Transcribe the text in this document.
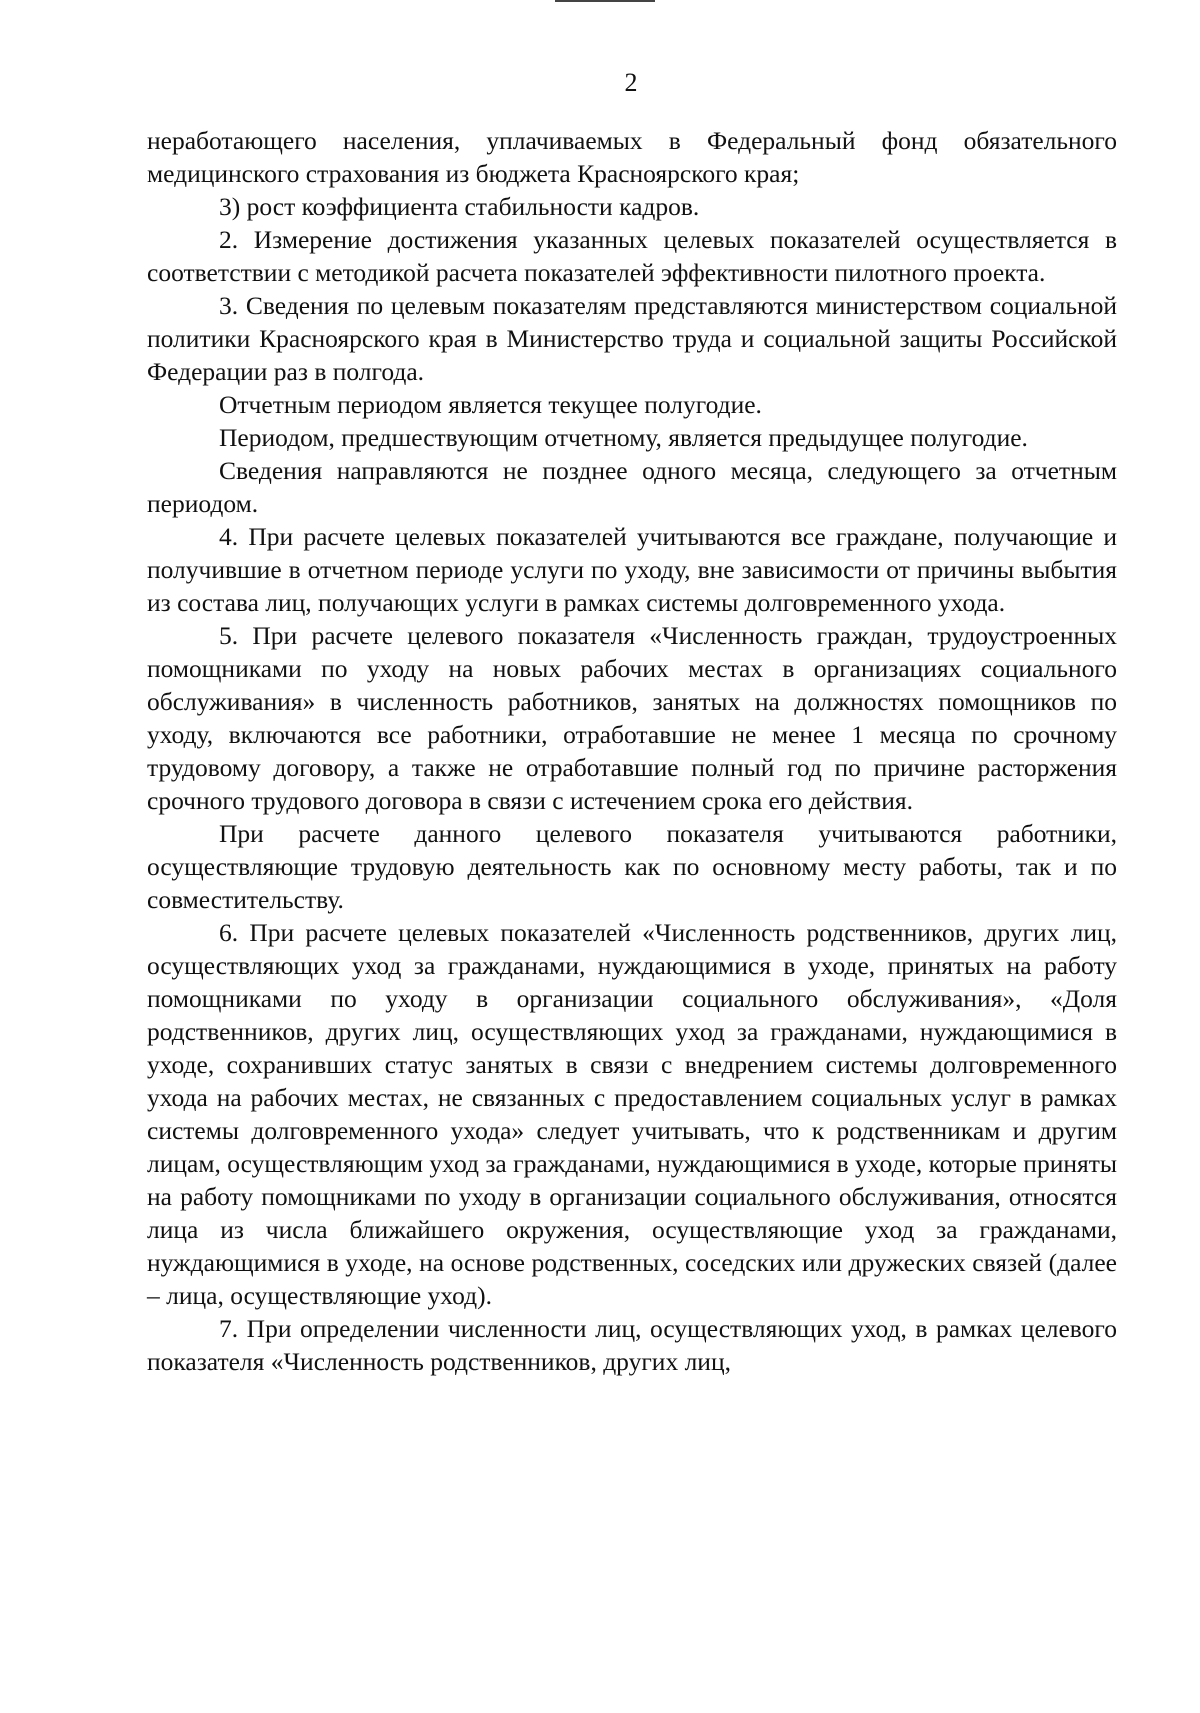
2

неработающего населения, уплачиваемых в Федеральный фонд обязательного медицинского страхования из бюджета Красноярского края;

3) рост коэффициента стабильности кадров.

2. Измерение достижения указанных целевых показателей осуществляется в соответствии с методикой расчета показателей эффективности пилотного проекта.

3. Сведения по целевым показателям представляются министерством социальной политики Красноярского края в Министерство труда и социальной защиты Российской Федерации раз в полгода.

Отчетным периодом является текущее полугодие.

Периодом, предшествующим отчетному, является предыдущее полугодие.

Сведения направляются не позднее одного месяца, следующего за отчетным периодом.

4. При расчете целевых показателей учитываются все граждане, получающие и получившие в отчетном периоде услуги по уходу, вне зависимости от причины выбытия из состава лиц, получающих услуги в рамках системы долговременного ухода.

5. При расчете целевого показателя «Численность граждан, трудоустроенных помощниками по уходу на новых рабочих местах в организациях социального обслуживания» в численность работников, занятых на должностях помощников по уходу, включаются все работники, отработавшие не менее 1 месяца по срочному трудовому договору, а также не отработавшие полный год по причине расторжения срочного трудового договора в связи с истечением срока его действия.

При расчете данного целевого показателя учитываются работники, осуществляющие трудовую деятельность как по основному месту работы, так и по совместительству.

6. При расчете целевых показателей «Численность родственников, других лиц, осуществляющих уход за гражданами, нуждающимися в уходе, принятых на работу помощниками по уходу в организации социального обслуживания», «Доля родственников, других лиц, осуществляющих уход за гражданами, нуждающимися в уходе, сохранивших статус занятых в связи с внедрением системы долговременного ухода на рабочих местах, не связанных с предоставлением социальных услуг в рамках системы долговременного ухода» следует учитывать, что к родственникам и другим лицам, осуществляющим уход за гражданами, нуждающимися в уходе, которые приняты на работу помощниками по уходу в организации социального обслуживания, относятся лица из числа ближайшего окружения, осуществляющие уход за гражданами, нуждающимися в уходе, на основе родственных, соседских или дружеских связей (далее – лица, осуществляющие уход).

7. При определении численности лиц, осуществляющих уход, в рамках целевого показателя «Численность родственников, других лиц,
